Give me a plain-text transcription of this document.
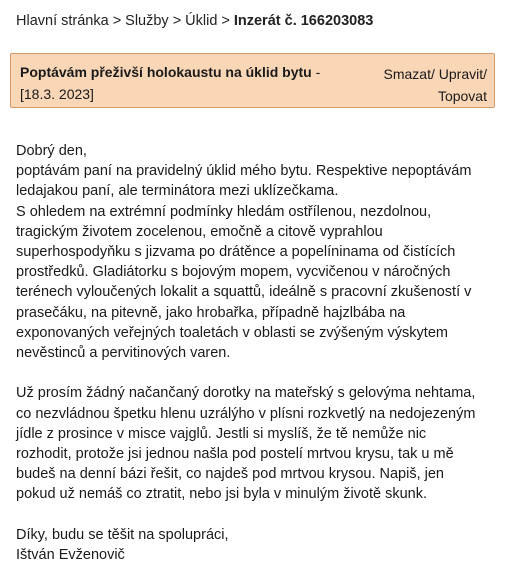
Hlavní stránka > Služby > Úklid > Inzerát č. 166203083
Poptávám přeživší holokaustu na úklid bytu -
[18.3. 2023]
Smazat/ Upravit/
Topovat

Dobrý den,
poptávám paní na pravidelný úklid mého bytu. Respektive nepoptávám
ledajakou paní, ale terminátora mezi uklízečkama.
S ohledem na extrémní podmínky hledám ostřílenou, nezdolnou,
tragickým životem zocelenou, emočně a citově vyprahlou
superhospodyňku s jizvama po drátěnce a popelíninama od čistících
prostředků. Gladiátorku s bojovým mopem, vycvičenou v náročných
terénech vyloučených lokalit a squattů, ideálně s pracovní zkušeností v
prasečáku, na pitevně, jako hrobařka, případně hajzlbába na
exponovaných veřejných toaletách v oblasti se zvýšeným výskytem
nevěstinců a pervitinových varen.

Už prosím žádný načančaný dorotky na mateřský s gelovýma nehtama,
co nezvládnou špetku hlenu uzrálýho v plísni rozkvetlý na nedojezeným
jídle z prosince v misce vajglů. Jestli si myslíš, že tě nemůže nic
rozhodit, protože jsi jednou našla pod postelí mrtvou krysu, tak u mě
budeš na denní bázi řešit, co najdeš pod mrtvou krysou. Napiš, jen
pokud už nemáš co ztratit, nebo jsi byla v minulým životě skunk.

Díky, budu se těšit na spolupráci,
Ištván Evženovič
